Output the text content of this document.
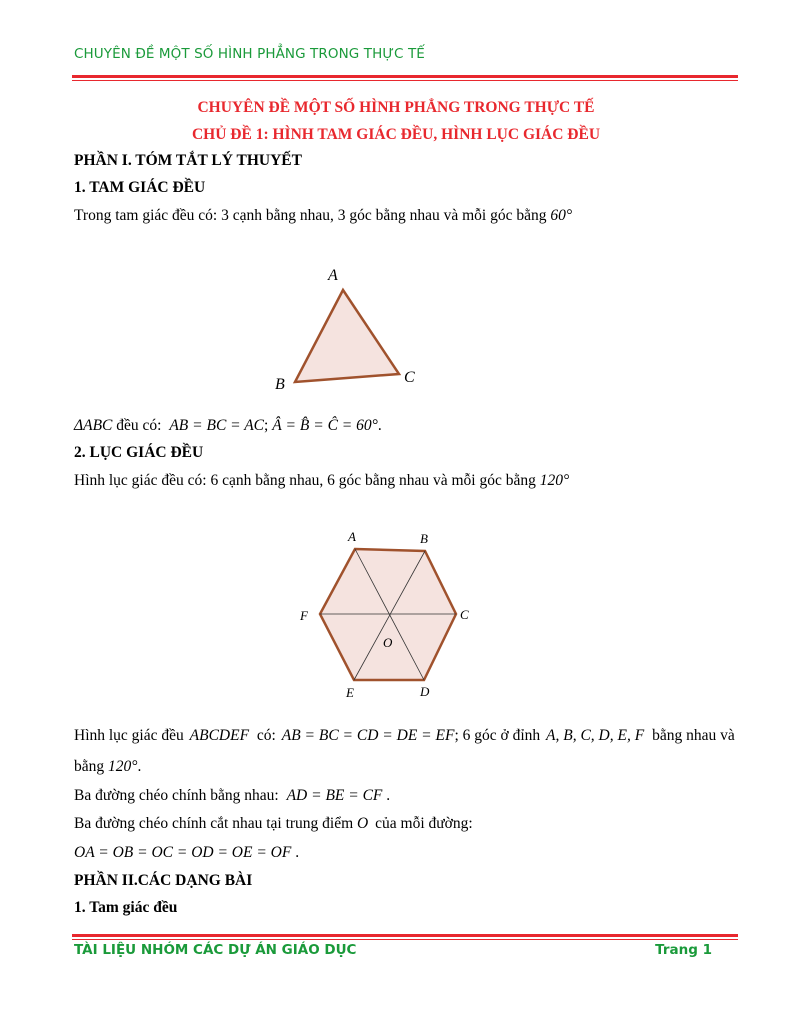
CHUYÊN ĐỀ MỘT SỐ HÌNH PHẲNG TRONG THỰC TẾ
CHUYÊN ĐỀ MỘT SỐ HÌNH PHẲNG TRONG THỰC TẾ
CHỦ ĐỀ 1: HÌNH TAM GIÁC ĐỀU, HÌNH LỤC GIÁC ĐỀU
PHẦN I. TÓM TẮT LÝ THUYẾT
1. TAM GIÁC ĐỀU
Trong tam giác đều có: 3 cạnh bằng nhau, 3 góc bằng nhau và mỗi góc bằng 60°
A
B	C
ΔABC đều có: AB = BC = AC; Â = B̂ = Ĉ = 60°.
2. LỤC GIÁC ĐỀU
Hình lục giác đều có: 6 cạnh bằng nhau, 6 góc bằng nhau và mỗi góc bằng 120°
A	B
C
D
E
F
O
Hình lục giác đều ABCDEF có: AB = BC = CD = DE = EF; 6 góc ở đỉnh A, B, C, D, E, F bằng nhau và
bằng 120°.
Ba đường chéo chính bằng nhau: AD = BE = CF .
Ba đường chéo chính cắt nhau tại trung điểm O của mỗi đường:
OA = OB = OC = OD = OE = OF .
PHẦN II.CÁC DẠNG BÀI
1. Tam giác đều
TÀI LIỆU NHÓM CÁC DỰ ÁN GIÁO DỤC	Trang 1
